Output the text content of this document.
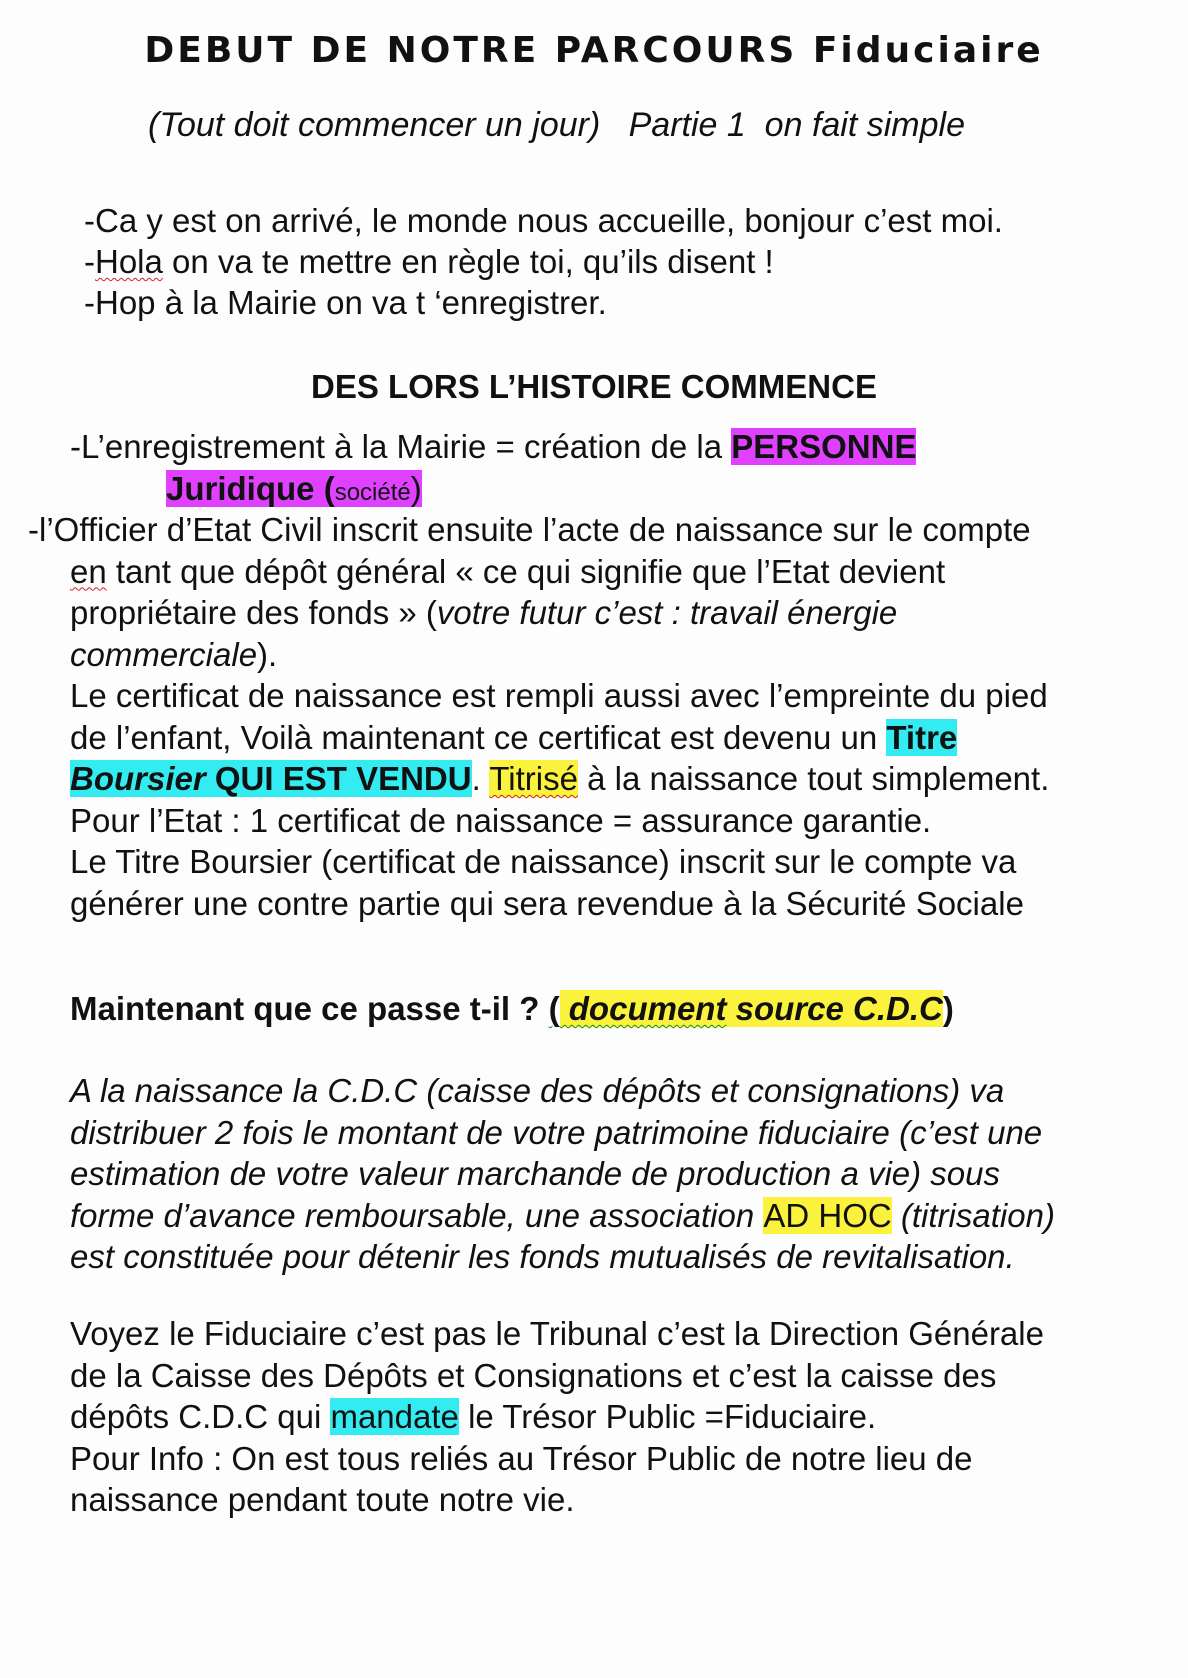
DEBUT DE NOTRE PARCOURS Fiduciaire
(Tout doit commencer un jour)   Partie 1  on fait simple
-Ca y est on arrivé, le monde nous accueille, bonjour c’est moi.
-Hola on va te mettre en règle toi, qu’ils disent !
-Hop à la Mairie on va t ‘enregistrer.
DES LORS L’HISTOIRE COMMENCE
-L’enregistrement à la Mairie = création de la PERSONNE
Juridique (société)
-l’Officier d’Etat Civil inscrit ensuite l’acte de naissance sur le compte
en tant que dépôt général « ce qui signifie que l’Etat devient
propriétaire des fonds » (votre futur c’est : travail énergie
commerciale).
Le certificat de naissance est rempli aussi avec l’empreinte du pied
de l’enfant, Voilà maintenant ce certificat est devenu un Titre
Boursier QUI EST VENDU. Titrisé à la naissance tout simplement.
Pour l’Etat : 1 certificat de naissance = assurance garantie.
Le Titre Boursier (certificat de naissance) inscrit sur le compte va
générer une contre partie qui sera revendue à la Sécurité Sociale
Maintenant que ce passe t-il ? ( document source C.D.C)
A la naissance la C.D.C (caisse des dépôts et consignations) va
distribuer 2 fois le montant de votre patrimoine fiduciaire (c’est une
estimation de votre valeur marchande de production a vie) sous
forme d’avance remboursable, une association AD HOC (titrisation)
est constituée pour détenir les fonds mutualisés de revitalisation.
Voyez le Fiduciaire c’est pas le Tribunal c’est la Direction Générale
de la Caisse des Dépôts et Consignations et c’est la caisse des
dépôts C.D.C qui mandate le Trésor Public =Fiduciaire.
Pour Info : On est tous reliés au Trésor Public de notre lieu de
naissance pendant toute notre vie.
